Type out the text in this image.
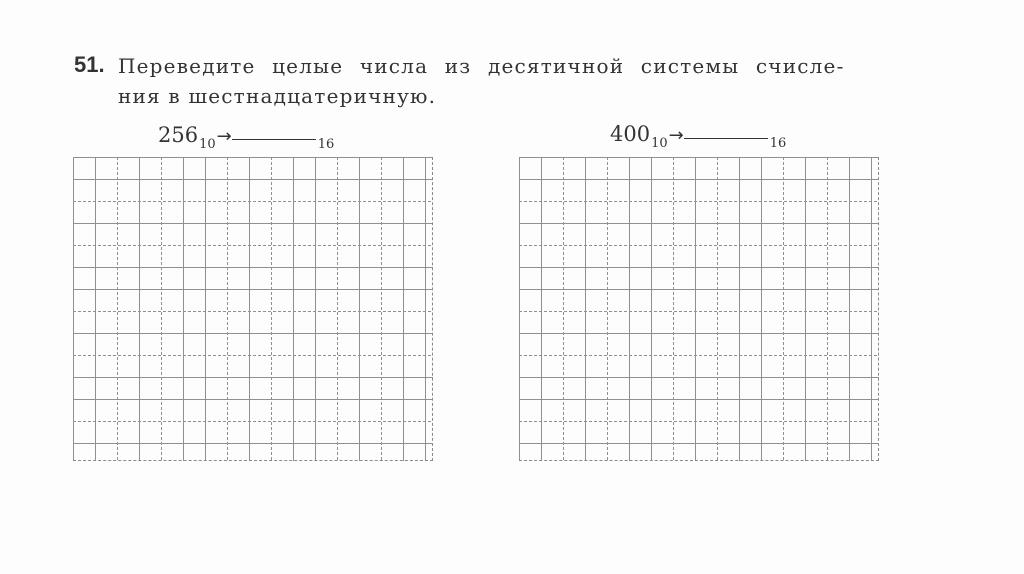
51. Переведите целые числа из десятичной системы счисле-
ния в шестнадцатеричную.
$256_{10}\to$	$_{16}$	$400_{10}\to$	$_{16}$
